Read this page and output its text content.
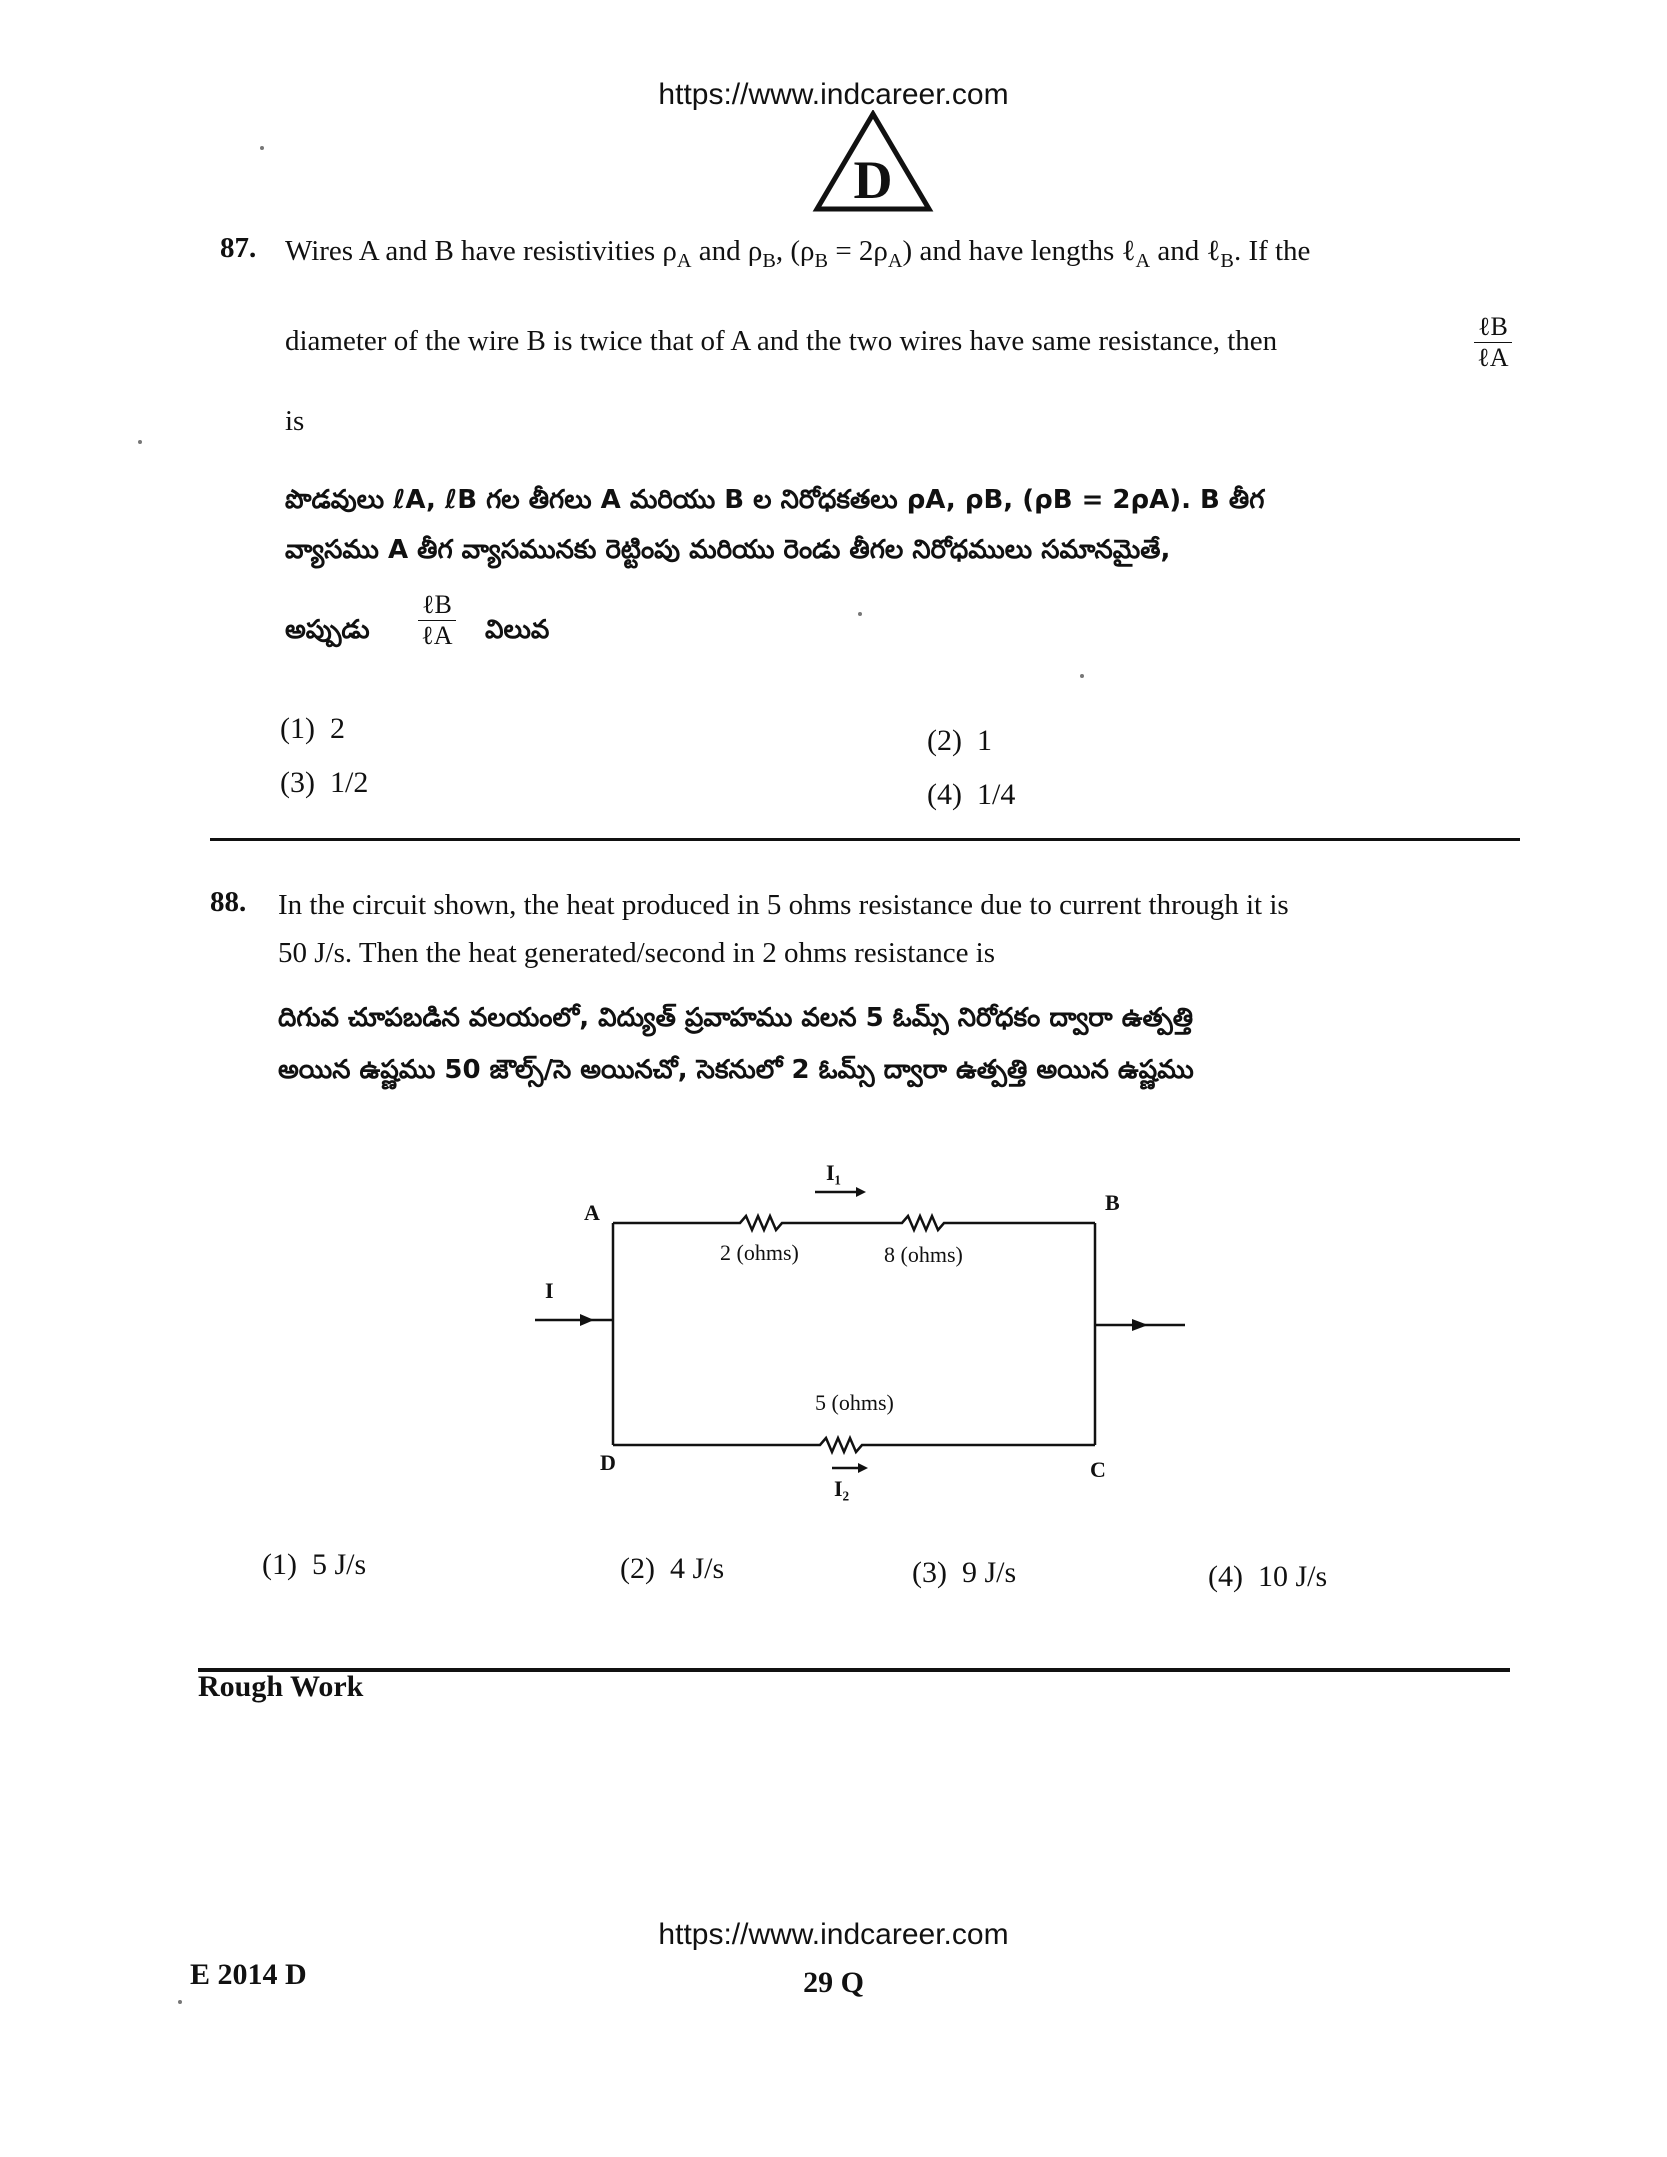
https://www.indcareer.com
D
87. Wires A and B have resistivities $\rho_A$ and $\rho_B$, $(\rho_B = 2\rho_A)$ and have lengths ℓ$_A$ and ℓ$_B$. If the
diameter of the wire B is twice that of A and the two wires have same resistance, then	$\frac{\text{ℓB}}{\text{ℓA}}$
is
పొడవులు ℓA, ℓB గల తీగలు A మరియు B ల నిరోధకతలు ρA, ρB, (ρB = 2ρA). B తీగ
వ్యాసము A తీగ వ్యాసమునకు రెట్టింపు మరియు రెండు తీగల నిరోధములు సమానమైతే,
అప్పుడు $\frac{\text{ℓB}}{\text{ℓA}}$ విలువ
(1) 2	(2) 1
(3) 1/2	(4) 1/4
88. In the circuit shown, the heat produced in 5 ohms resistance due to current through it is
50 J/s. Then the heat generated/second in 2 ohms resistance is
దిగువ చూపబడిన వలయంలో, విద్యుత్ ప్రవాహము వలన 5 ఓమ్స్ నిరోధకం ద్వారా ఉత్పత్తి
అయిన ఉష్ణము 50 జౌల్స్/సె అయినచో, సెకనులో 2 ఓమ్స్ ద్వారా ఉత్పత్తి అయిన ఉష్ణము
A	B
C
D
I
I₁
I₂
2 (ohms)	8 (ohms)
5 (ohms)
(1) 5 J/s	(2) 4 J/s	(3) 9 J/s	(4) 10 J/s
Rough Work
https://www.indcareer.com
E 2014 D	29 Q
